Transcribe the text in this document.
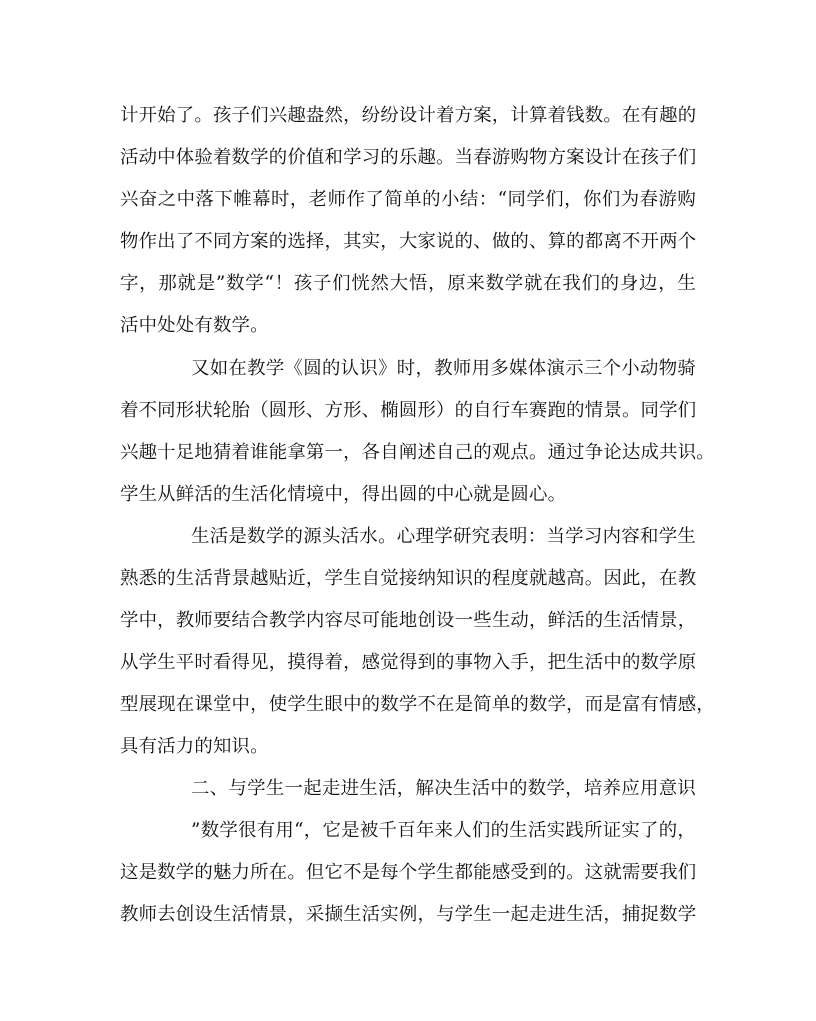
计开始了。孩子们兴趣盎然，纷纷设计着方案，计算着钱数。在有趣的
活动中体验着数学的价值和学习的乐趣。当春游购物方案设计在孩子们
兴奋之中落下帷幕时，老师作了简单的小结：“同学们，你们为春游购
物作出了不同方案的选择，其实，大家说的、做的、算的都离不开两个
字，那就是”数学“！孩子们恍然大悟，原来数学就在我们的身边，生
活中处处有数学。
又如在教学《圆的认识》时，教师用多媒体演示三个小动物骑
着不同形状轮胎（圆形、方形、椭圆形）的自行车赛跑的情景。同学们
兴趣十足地猜着谁能拿第一，各自阐述自己的观点。通过争论达成共识。
学生从鲜活的生活化情境中，得出圆的中心就是圆心。
生活是数学的源头活水。心理学研究表明：当学习内容和学生
熟悉的生活背景越贴近，学生自觉接纳知识的程度就越高。因此，在教
学中，教师要结合教学内容尽可能地创设一些生动，鲜活的生活情景，
从学生平时看得见，摸得着，感觉得到的事物入手，把生活中的数学原
型展现在课堂中，使学生眼中的数学不在是简单的数学，而是富有情感，
具有活力的知识。
二、与学生一起走进生活，解决生活中的数学，培养应用意识
”数学很有用“，它是被千百年来人们的生活实践所证实了的，
这是数学的魅力所在。但它不是每个学生都能感受到的。这就需要我们
教师去创设生活情景，采撷生活实例，与学生一起走进生活，捕捉数学
